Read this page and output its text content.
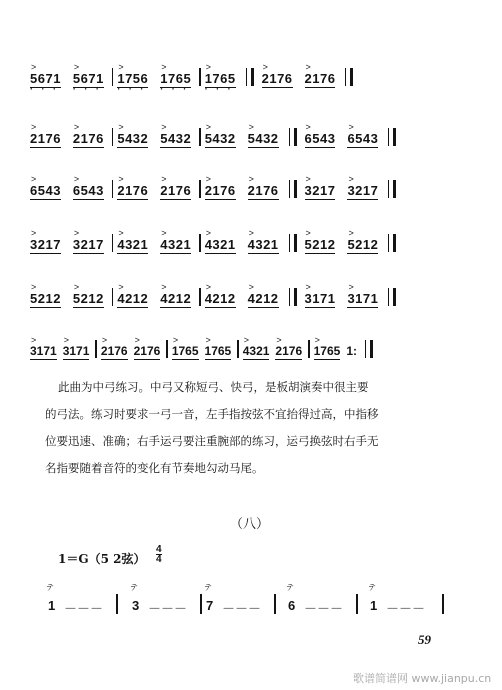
>
5671
· · ·
>
5671
· · ·
>
1756
· · ·
>
1765
· · ·
>
1765
· · ·
>
2176
>
2176
>
2176
>
2176
>
5432
>
5432
>
5432
>
5432
>
6543
>
6543
>
6543
>
6543
>
2176
>
2176
>
2176
>
2176
>
3217
>
3217
>
3217
>
3217
>
4321
>
4321
>
4321
>
4321
>
5212
>
5212
>
5212
>
5212
>
4212
>
4212
>
4212
>
4212
>
3171
>
3171
>
3171
>
3171
>
2176
>
2176
>
1765
>
1765
>
4321
>
2176
>
1765 1:
此曲为中弓练习。中弓又称短弓、快弓，是板胡演奏中很主要
的弓法。练习时要求一弓一音，左手指按弦不宜抬得过高，中指移
位要迅速、准确；右手运弓要注重腕部的练习，运弓换弦时右手无
名指要随着音符的变化有节奏地勾动马尾。
（八）
1＝G（5 2弦） $\frac{4}{4}$
テ
1 －－－
テ
3 －－－
テ
7 －－－
テ
6 －－－
テ
1 －－－
59
歌谱简谱网 www.jianpu.cn
